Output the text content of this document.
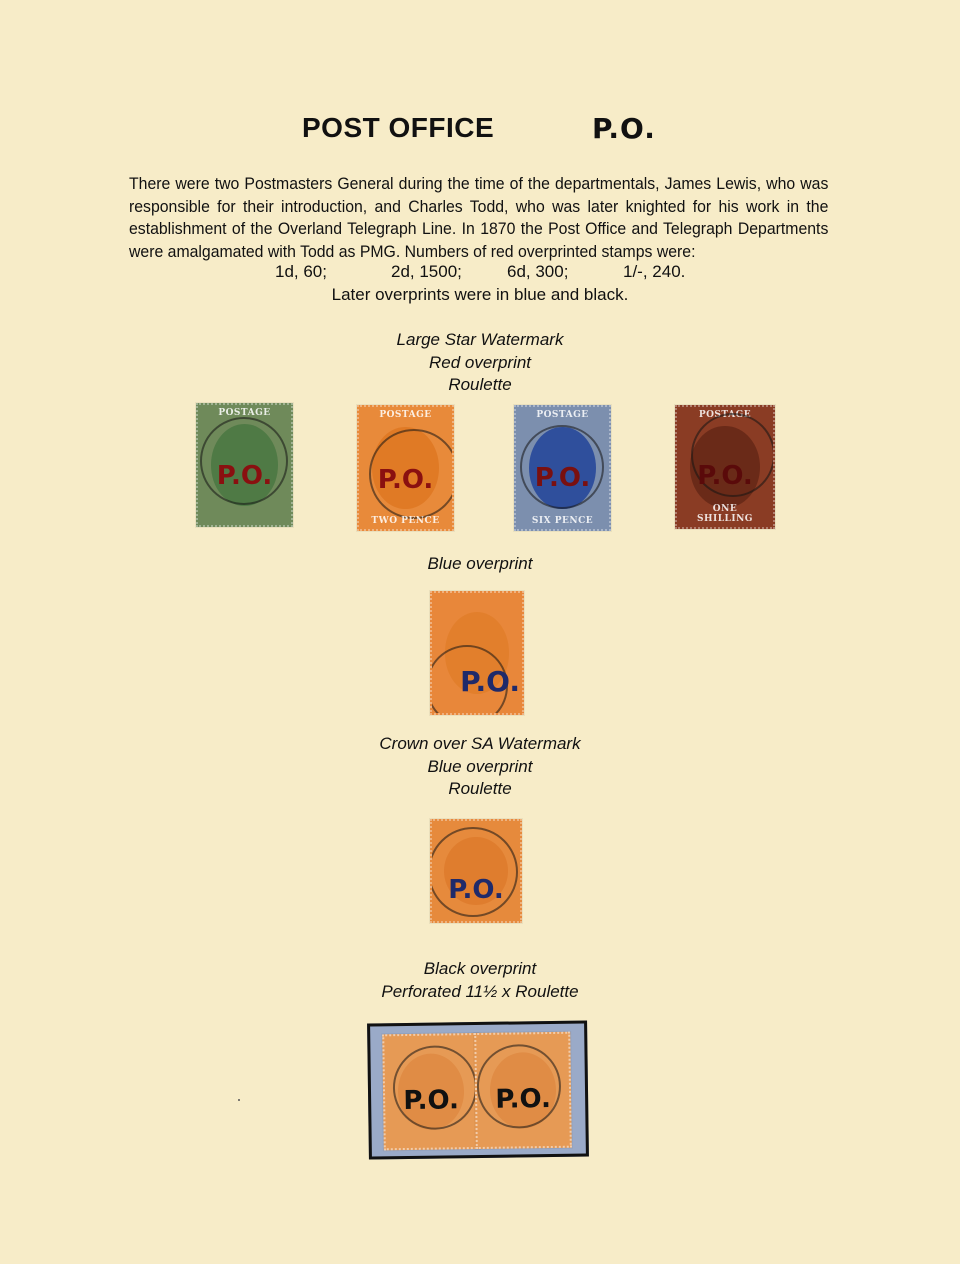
POST OFFICE	P.O.
There were two Postmasters General during the time of the departmentals, James Lewis, who was responsible for their introduction, and Charles Todd, who was later knighted for his work in the establishment of the Overland Telegraph Line. In 1870 the Post Office and Telegraph Departments were amalgamated with Todd as PMG. Numbers of red overprinted stamps were:
1d, 60;	2d, 1500;	6d, 300;	1/-, 240.
Later overprints were in blue and black.
Large Star Watermark
Red overprint
Roulette
POSTAGE
P.O.
POSTAGE
P.O.
TWO PENCE
POSTAGE
P.O.
SIX PENCE
POSTAGE
P.O.
ONE SHILLING
Blue overprint
P.O.
Crown over SA Watermark
Blue overprint
Roulette
P.O.
Black overprint
Perforated 11½ x Roulette
P.O.	P.O.
